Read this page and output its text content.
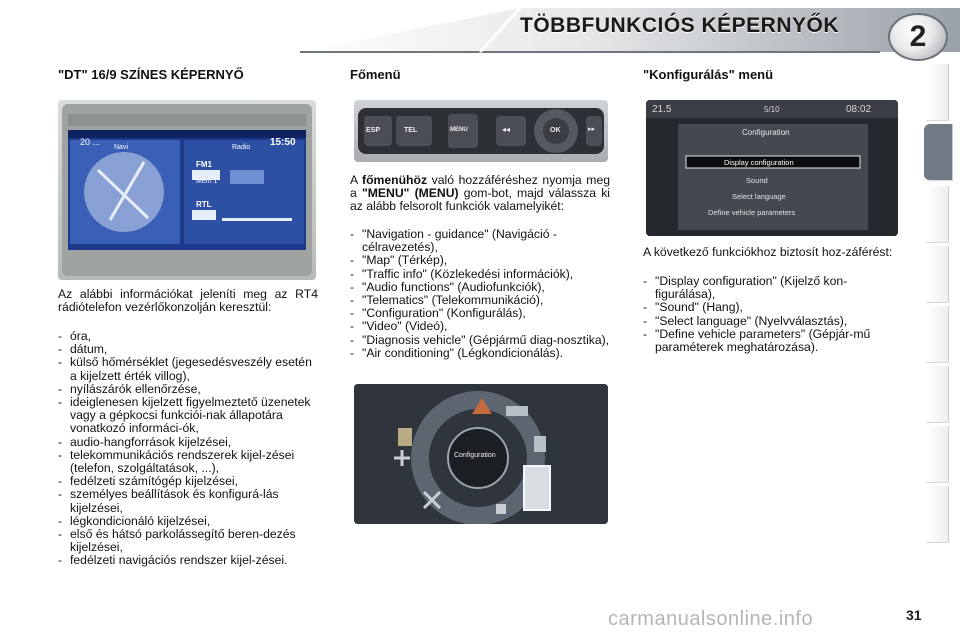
TÖBBFUNKCIÓS KÉPERNYŐK	2
"DT" 16/9 SZÍNES KÉPERNYŐ
20 ...	15:50
Navi	Radio
FM1
Mem 1
RTL
Az alábbi információkat jeleníti meg az RT4 rádiótelefon vezérlőkonzolján keresztül:
- óra,
- dátum,
- külső hőmérséklet (jegesedésveszély esetén a kijelzett érték villog),
- nyílászárók ellenőrzése,
- ideiglenesen kijelzett figyelmeztető üzenetek vagy a gépkocsi funkciói-nak állapotára vonatkozó informáci-ók,
- audio-hangforrások kijelzései,
- telekommunikációs rendszerek kijel-zései (telefon, szolgáltatások, ...),
- fedélzeti számítógép kijelzései,
- személyes beállítások és konfigurá-lás kijelzései,
- légkondicionáló kijelzései,
- első és hátsó parkolássegítő beren-dezés kijelzései,
- fedélzeti navigációs rendszer kijel-zései.
Főmenü
ESP	TEL	MENU	◂◂	OK	▸▸
A főmenühöz való hozzáféréshez nyomja meg a "MENU" (MENU) gom-bot, majd válassza ki az alább felsorolt funkciók valamelyikét:
- "Navigation - guidance" (Navigáció - célravezetés),
- "Map" (Térkép),
- "Traffic info" (Közlekedési információk),
- "Audio functions" (Audiofunkciók),
- "Telematics" (Telekommunikáció),
- "Configuration" (Konfigurálás),
- "Video" (Videó),
- "Diagnosis vehicle" (Gépjármű diag-nosztika),
- "Air conditioning" (Légkondicionálás).
Configuration
"Konfigurálás" menü
21.5	5/10	08:02
Configuration
Display configuration
Sound
Select language
Define vehicle parameters
A következő funkciókhoz biztosít hoz-záférést:
- "Display configuration" (Kijelző kon-figurálása),
- "Sound" (Hang),
- "Select language" (Nyelvválasztás),
- "Define vehicle parameters" (Gépjár-mű paraméterek meghatározása).
carmanualsonline.info	31
